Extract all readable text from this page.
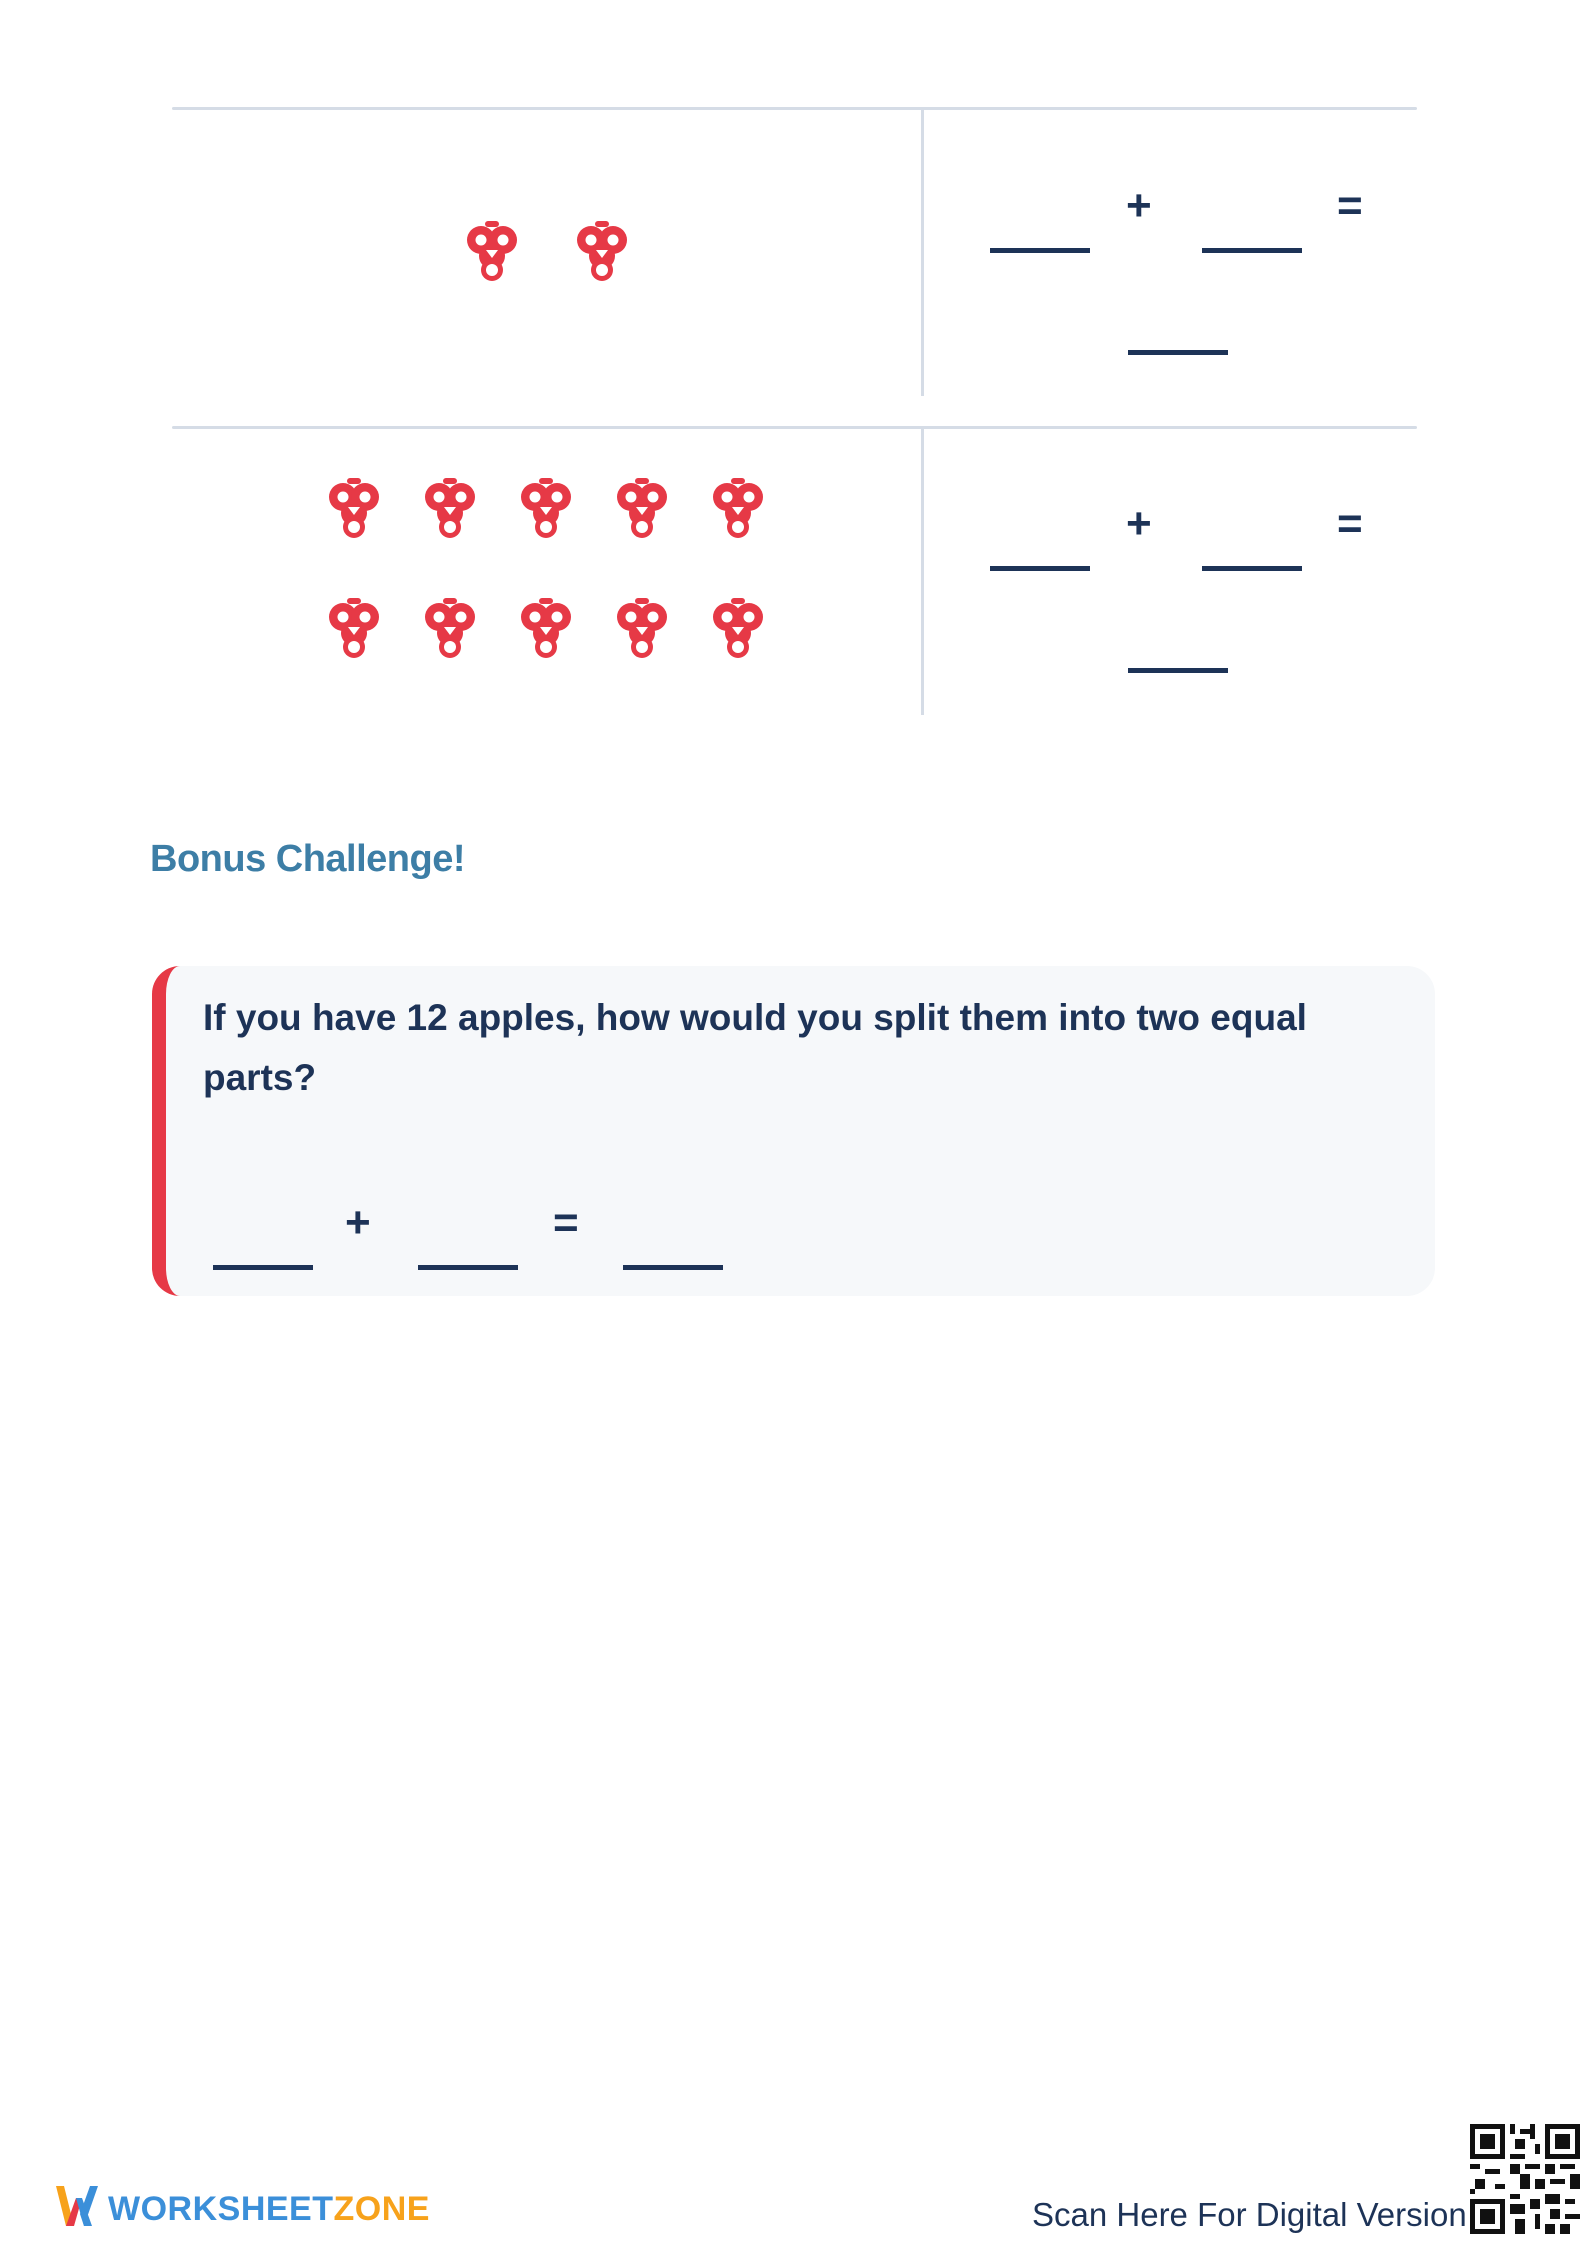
+	=
+	=
Bonus Challenge!
If you have 12 apples, how would you split them into two equal parts?
+	=
WORKSHEETZONE	Scan Here For Digital Version
